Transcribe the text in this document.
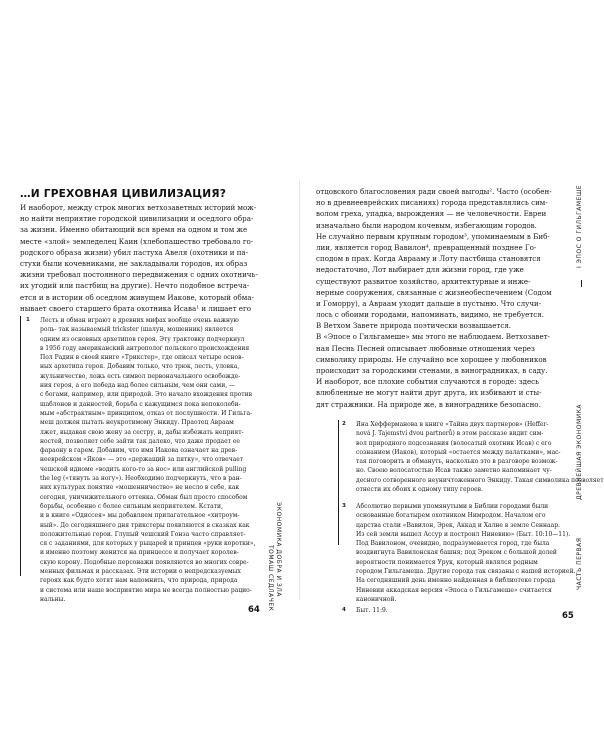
…И ГРЕХОВНАЯ ЦИВИЛИЗАЦИЯ?
И наоборот, между строк многих ветхозаветных историй мож-
но найти неприятие городской цивилизации и оседлого обра-
за жизни. Именно обитающий вся время на одном и том же
месте «злой» земледелец Каин (хлебопашество требовало го-
родского образа жизни) убил пастуха Авеля (охотники и па-
стухи были кочевниками, не закладывали городов, их образ
жизни требовал постоянного передвижения с одних охотничь-
их угодий или пастбищ на другие). Нечто подобное встреча-
ется и в истории об оседлом живущем Иакове, который обма-
нывает своего старшего брата охотника Исава¹ и лишает его
1 Лесть и обман играют в древних мифах вообще очень важную
роль- так называемый trickster (шалун, мошенник) является
одним из основных архетипов героя. Эту трактовку подчеркнул
в 1956 году американский антрополог польского происхождения
Пол Радин в своей книге «Трикстер», где описал четыре основ-
ных архетипа героя. Добавим только, что трюк, лесть, уловка,
жульничество, ложь есть символ первоначального освобожде-
ния героя, а его победа над более сильным, чем они сами, —
с богами, например, или природой. Это начало вхождения против
шаблонов и данностей, борьба с кажущимся пока непоколеби-
мым «абстрактным» принципом, отказ от послушности. И Гильга-
меш должен пытать неукротимому Энкиду. Праотец Авраам
лжет, выдавая свою жену за сестру, и, дабы избежать неприят-
ностей, позволяет себе зайти так далеко, что даже продает ее
фараону в гарем. Добавим, что имя Иакова означает на древ-
нееврейском «Яков» — это «держащий за пятку», что отвечает
чешской идиоме «водить кого-то за нос» или английской pulling
the leg («тянуть за ногу»). Необходимо подчеркнуть, что в ран-
них культурах понятие «мошенничество» не несло в себе, как
сегодня, уничижительного оттенка. Обман был просто способом
борьбы, особенно с более сильным неприятелем. Кстати,
и в книге «Одиссея» мы добавляем прилагательное «хитроум-
ный». До сегодняшнего дня трикстеры появляются в сказках как
положительные герои. Глупый чешский Гонза часто справляет-
ся с заданиями, для которых у рыцарей и принцев «руки коротки»,
и именно поэтому женится на принцессе и получает королев-
скую корону. Подобные персонажи появляются во многих совре-
менных фильмах и рассказах. Эти истории о непредсказуемых
героях как будто хотят нам напомнить, что природа, природа
и система или наше восприятие мира не всегда полностью рацио-
нальны.
64
ЭКОНОМИКА ДОБРА И ЗЛА
ТОМАШ СЕДЛАЧЕК
отцовского благословения ради своей выгоды². Часто (особен-
но в древнееврейских писаниях) города представлялись сим-
волом греха, упадка, вырождения — не человечности. Евреи
изначально были народом кочевым, избегающим городов.
Не случайно первым крупным городом³, упоминаемым в Биб-
лии, является город Вавилон⁴, превращенный позднее Го-
сподом в прах. Когда Аврааму и Лоту пастбища становятся
недостаточно, Лот выбирает для жизни город, где уже
существуют развитое хозяйство, архитектурные и инже-
нерные сооружения, связанные с жизнеобеспечением (Содом
и Гоморру), а Авраам уходит дальше в пустыню. Что случи-
лось с обоими городами, напоминать, видимо, не требуется.
В Ветхом Завете природа поэтически возвышается.
В «Эпосе о Гильгамеше» мы этого не наблюдаем. Ветхозавет-
ная Песнь Песней описывает любовные отношения через
символику природы. Не случайно все хорошее у любовников
происходит за городскими стенами, в виноградниках, в саду.
И наоборот, все плохие события случаются в городе: здесь
влюбленные не могут найти друг друга, их избивают и сты-
дят стражники. На природе же, в винограднике безопасно.
2 Яна Хефферманова в книге «Тайна двух партнеров» (Heffer-
nová J. Tajemství dvou partnerů) в этом рассказе видит сим-
вол природного подсознания (волосатый охотник Исав) с его
сознанием (Иаков), который «остается между палатками», мас-
тая поговорить и обмануть, насколько это в разговоре возмож-
но. Своею волосатостью Исав также заметно напоминает чу-
десного сотворенного неуничтоженного Энкиду. Такая символика позволяет
отнести их обоих к одному типу героев.
3 Абсолютно первыми упомянутыми в Библии городами были
основанные богатырем охотником Нимродом. Началом его
царства стали «Вавилон, Эрек, Аккад и Халне в земле Сеннаар.
Из сей земли вышел Ассур и построил Ниневию» (Быт. 10:10—11).
Под Вавилоном, очевидно, подразумевается город, где была
воздвигнута Вавилонская башня; под Эреком с большой долей
вероятности понимается Урук, который являлся родным
городом Гильгамеша. Другие города так связаны с нашей историей.
На сегодняшний день именно найденная в библиотеке города
Ниневии аккадская версия «Эпоса о Гильгамеше» считается
каноничной.
4 Быт. 11:9.
65
I ЭПОС О ГИЛЬГАМЕШЕ
ДРЕВНЕЙШАЯ ЭКОНОМИКА
ЧАСТЬ ПЕРВАЯ
